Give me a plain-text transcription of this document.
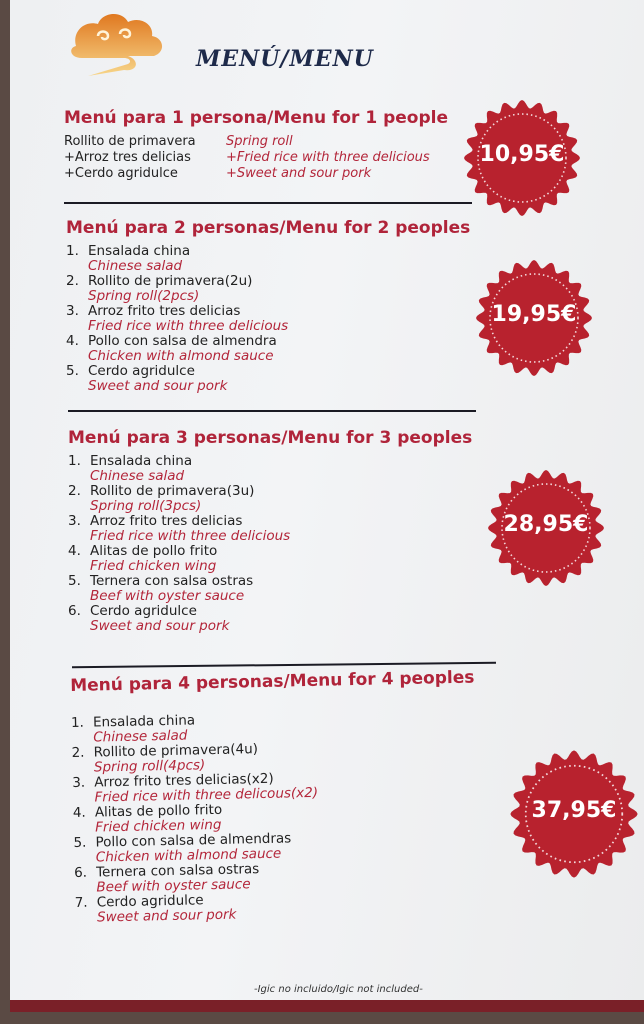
MENÚ/MENU
Menú para 1 persona/Menu for 1 people
Rollito de primavera
+Arroz tres delicias
+Cerdo agridulce
Spring roll
+Fried rice with three delicious
+Sweet and sour pork
10,95€
Menú para 2 personas/Menu for 2 peoples
1. Ensalada china
Chinese salad
2. Rollito de primavera(2u)
Spring roll(2pcs)
3. Arroz frito tres delicias
Fried rice with three delicious
4. Pollo con salsa de almendra
Chicken with almond sauce
5. Cerdo agridulce
Sweet and sour pork
19,95€
Menú para 3 personas/Menu for 3 peoples
1. Ensalada china
Chinese salad
2. Rollito de primavera(3u)
Spring roll(3pcs)
3. Arroz frito tres delicias
Fried rice with three delicious
4. Alitas de pollo frito
Fried chicken wing
5. Ternera con salsa ostras
Beef with oyster sauce
6. Cerdo agridulce
Sweet and sour pork
28,95€
Menú para 4 personas/Menu for 4 peoples
1. Ensalada china
Chinese salad
2. Rollito de primavera(4u)
Spring roll(4pcs)
3. Arroz frito tres delicias(x2)
Fried rice with three delicous(x2)
4. Alitas de pollo frito
Fried chicken wing
5. Pollo con salsa de almendras
Chicken with almond sauce
6. Ternera con salsa ostras
Beef with oyster sauce
7. Cerdo agridulce
Sweet and sour pork
37,95€
-Igic no incluido/Igic not included-
